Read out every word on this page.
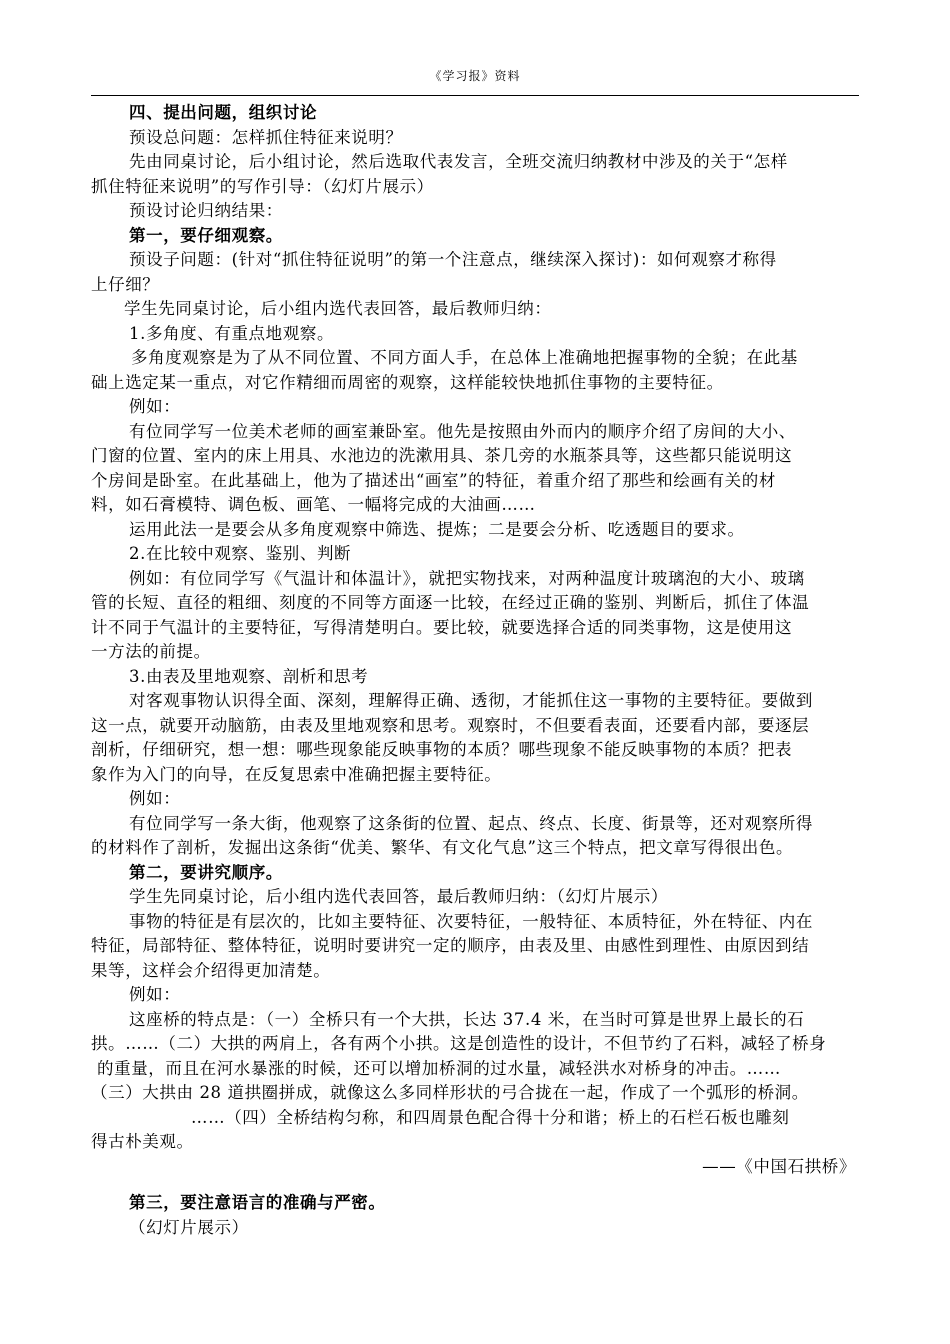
《学习报》资料
四、提出问题，组织讨论
预设总问题：怎样抓住特征来说明？
先由同桌讨论，后小组讨论，然后选取代表发言，全班交流归纳教材中涉及的关于“怎样
抓住特征来说明”的写作引导：（幻灯片展示）
预设讨论归纳结果：
第一，要仔细观察。
预设子问题：(针对“抓住特征说明”的第一个注意点，继续深入探讨)：如何观察才称得
上仔细？
学生先同桌讨论，后小组内选代表回答，最后教师归纳：
1.多角度、有重点地观察。
多角度观察是为了从不同位置、不同方面人手，在总体上准确地把握事物的全貌；在此基
础上选定某一重点，对它作精细而周密的观察，这样能较快地抓住事物的主要特征。
例如：
有位同学写一位美术老师的画室兼卧室。他先是按照由外而内的顺序介绍了房间的大小、
门窗的位置、室内的床上用具、水池边的洗漱用具、茶几旁的水瓶茶具等，这些都只能说明这
个房间是卧室。在此基础上，他为了描述出“画室”的特征，着重介绍了那些和绘画有关的材
料，如石膏模特、调色板、画笔、一幅将完成的大油画……
运用此法一是要会从多角度观察中筛选、提炼；二是要会分析、吃透题目的要求。
2.在比较中观察、鉴别、判断
例如：有位同学写《气温计和体温计》，就把实物找来，对两种温度计玻璃泡的大小、玻璃
管的长短、直径的粗细、刻度的不同等方面逐一比较，在经过正确的鉴别、判断后，抓住了体温
计不同于气温计的主要特征，写得清楚明白。要比较，就要选择合适的同类事物，这是使用这
一方法的前提。
3.由表及里地观察、剖析和思考
对客观事物认识得全面、深刻，理解得正确、透彻，才能抓住这一事物的主要特征。要做到
这一点，就要开动脑筋，由表及里地观察和思考。观察时，不但要看表面，还要看内部，要逐层
剖析，仔细研究，想一想：哪些现象能反映事物的本质？哪些现象不能反映事物的本质？把表
象作为入门的向导，在反复思索中准确把握主要特征。
例如：
有位同学写一条大街，他观察了这条街的位置、起点、终点、长度、街景等，还对观察所得
的材料作了剖析，发掘出这条街“优美、繁华、有文化气息”这三个特点，把文章写得很出色。
第二，要讲究顺序。
学生先同桌讨论，后小组内选代表回答，最后教师归纳：（幻灯片展示）
事物的特征是有层次的，比如主要特征、次要特征，一般特征、本质特征，外在特征、内在
特征，局部特征、整体特征，说明时要讲究一定的顺序，由表及里、由感性到理性、由原因到结
果等，这样会介绍得更加清楚。
例如：
这座桥的特点是：（一）全桥只有一个大拱，长达 37.4 米，在当时可算是世界上最长的石
拱。……（二）大拱的两肩上，各有两个小拱。这是创造性的设计，不但节约了石料，减轻了桥身
的重量，而且在河水暴涨的时候，还可以增加桥洞的过水量，减轻洪水对桥身的冲击。……
（三）大拱由 28 道拱圈拼成，就像这么多同样形状的弓合拢在一起，作成了一个弧形的桥洞。
……（四）全桥结构匀称，和四周景色配合得十分和谐；桥上的石栏石板也雕刻
得古朴美观。
——《中国石拱桥》
第三，要注意语言的准确与严密。
（幻灯片展示）
